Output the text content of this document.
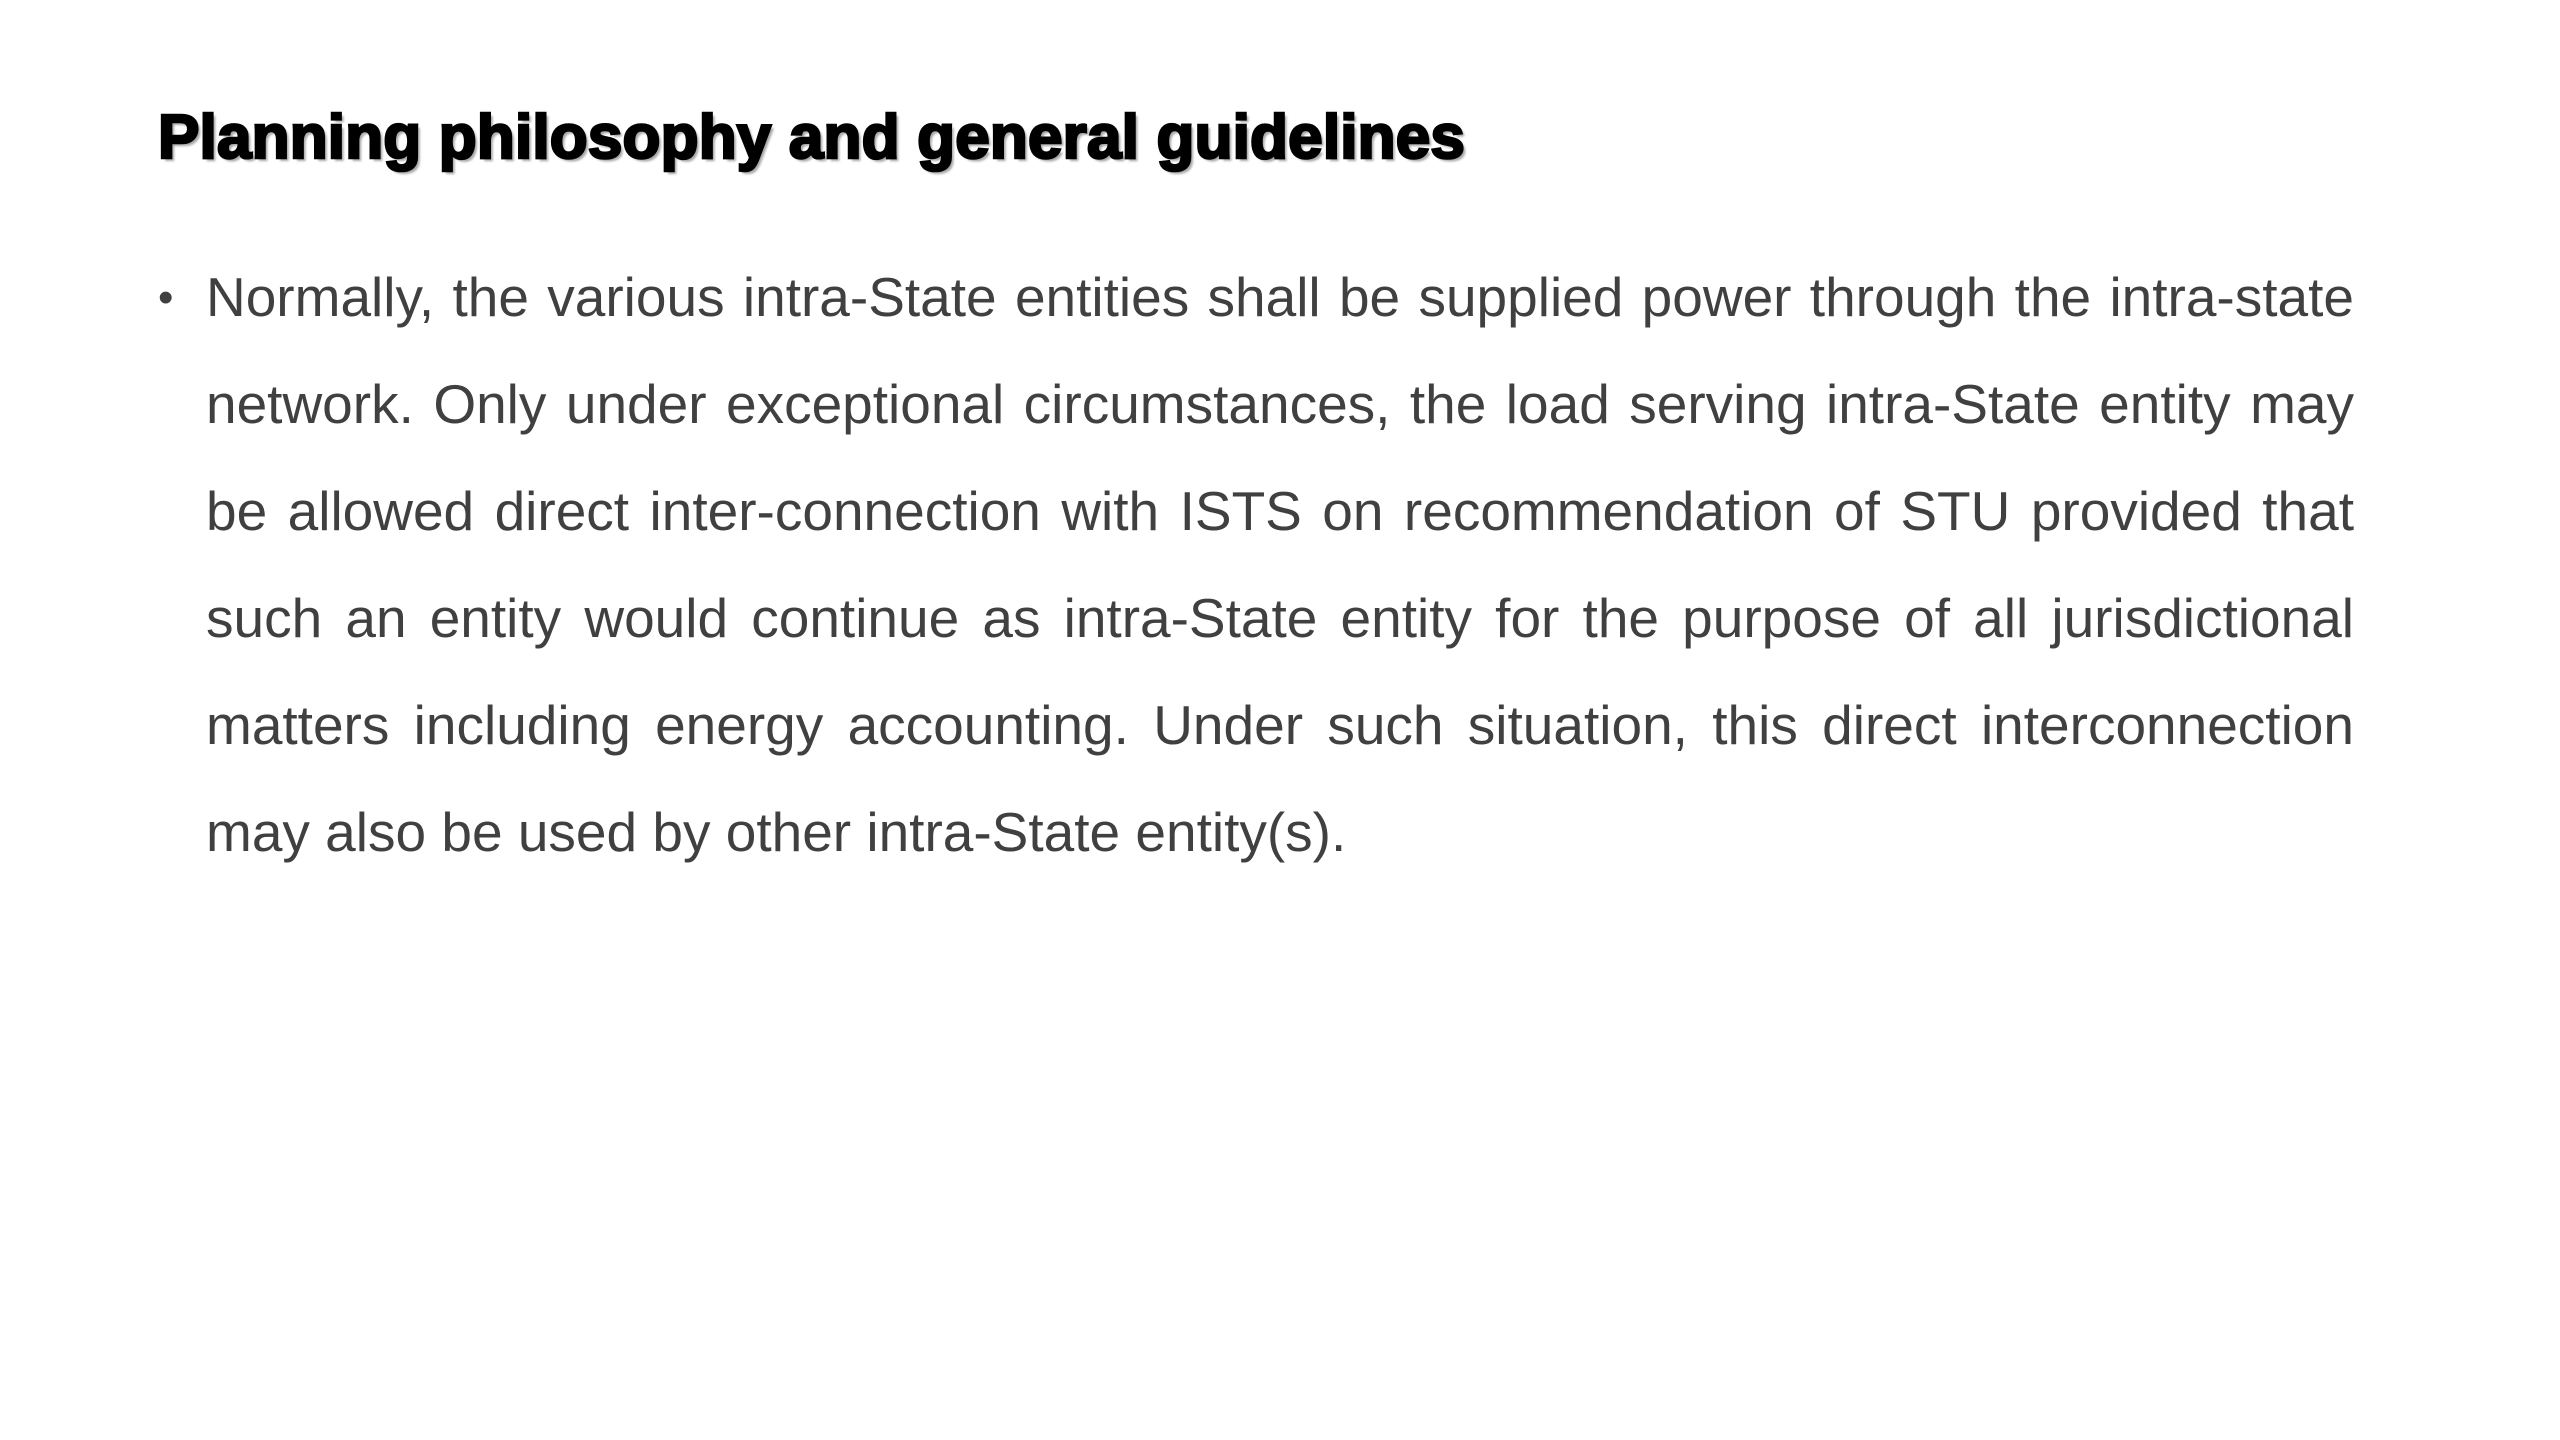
Planning philosophy and general guidelines
• Normally, the various intra-State entities shall be supplied power through the intra-state network. Only under exceptional circumstances, the load serving intra-State entity may be allowed direct inter-connection with ISTS on recommendation of STU provided that such an entity would continue as intra-State entity for the purpose of all jurisdictional matters including energy accounting. Under such situation, this direct interconnection may also be used by other intra-State entity(s).
